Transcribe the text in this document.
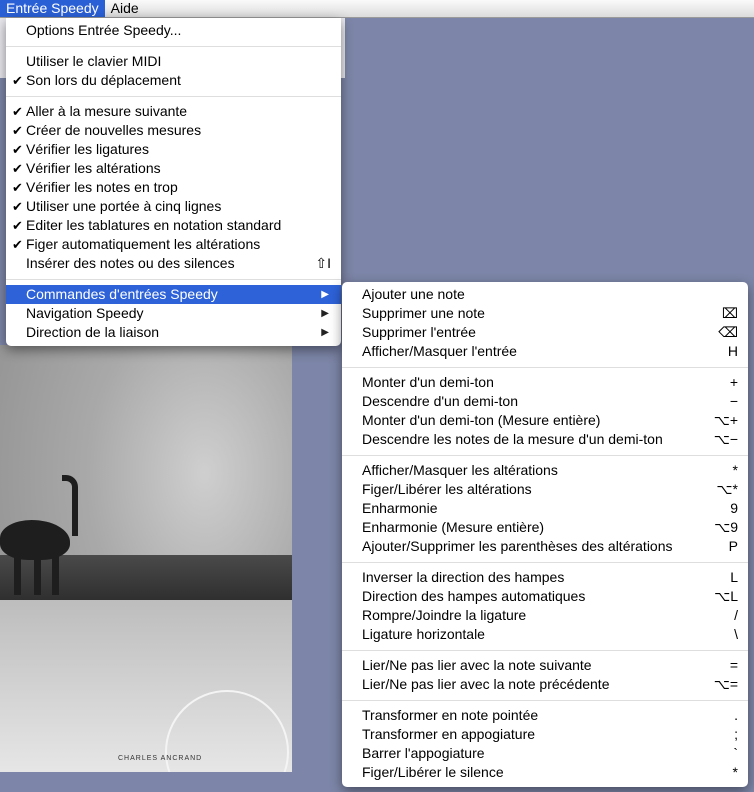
CHARLES ANCRAND
Entrée Speedy Aide
Options Entrée Speedy...
Utiliser le clavier MIDI
✔ Son lors du déplacement
✔ Aller à la mesure suivante
✔ Créer de nouvelles mesures
✔ Vérifier les ligatures
✔ Vérifier les altérations
✔ Vérifier les notes en trop
✔ Utiliser une portée à cinq lignes
✔ Editer les tablatures en notation standard
✔ Figer automatiquement les altérations
Insérer des notes ou des silences	⇧I
Commandes d'entrées Speedy	▶
Navigation Speedy	▶
Direction de la liaison	▶
Ajouter une note
Supprimer une note	⌧
Supprimer l'entrée	⌫
Afficher/Masquer l'entrée	H
Monter d'un demi-ton	+
Descendre d'un demi-ton	−
Monter d'un demi-ton (Mesure entière)	⌥+
Descendre les notes de la mesure d'un demi-ton	⌥−
Afficher/Masquer les altérations	*
Figer/Libérer les altérations	⌥*
Enharmonie	9
Enharmonie (Mesure entière)	⌥9
Ajouter/Supprimer les parenthèses des altérations	P
Inverser la direction des hampes	L
Direction des hampes automatiques	⌥L
Rompre/Joindre la ligature	/
Ligature horizontale	\
Lier/Ne pas lier avec la note suivante	=
Lier/Ne pas lier avec la note précédente	⌥=
Transformer en note pointée	.
Transformer en appogiature	;
Barrer l'appogiature	`
Figer/Libérer le silence	*
